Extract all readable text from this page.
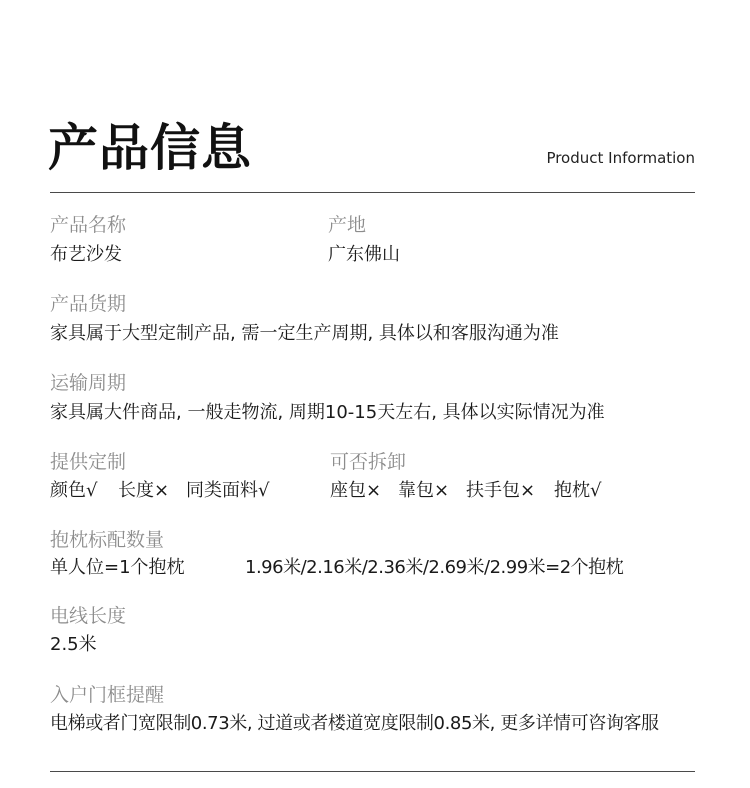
产品信息	Product Information
产品名称
布艺沙发
产地
广东佛山
产品货期
家具属于大型定制产品, 需一定生产周期, 具体以和客服沟通为准
运输周期
家具属大件商品, 一般走物流, 周期10-15天左右, 具体以实际情况为准
提供定制
颜色√ 长度× 同类面料√
可否拆卸
座包× 靠包× 扶手包× 抱枕√
抱枕标配数量
单人位=1个抱枕	1.96米/2.16米/2.36米/2.69米/2.99米=2个抱枕
电线长度
2.5米
入户门框提醒
电梯或者门宽限制0.73米, 过道或者楼道宽度限制0.85米, 更多详情可咨询客服
